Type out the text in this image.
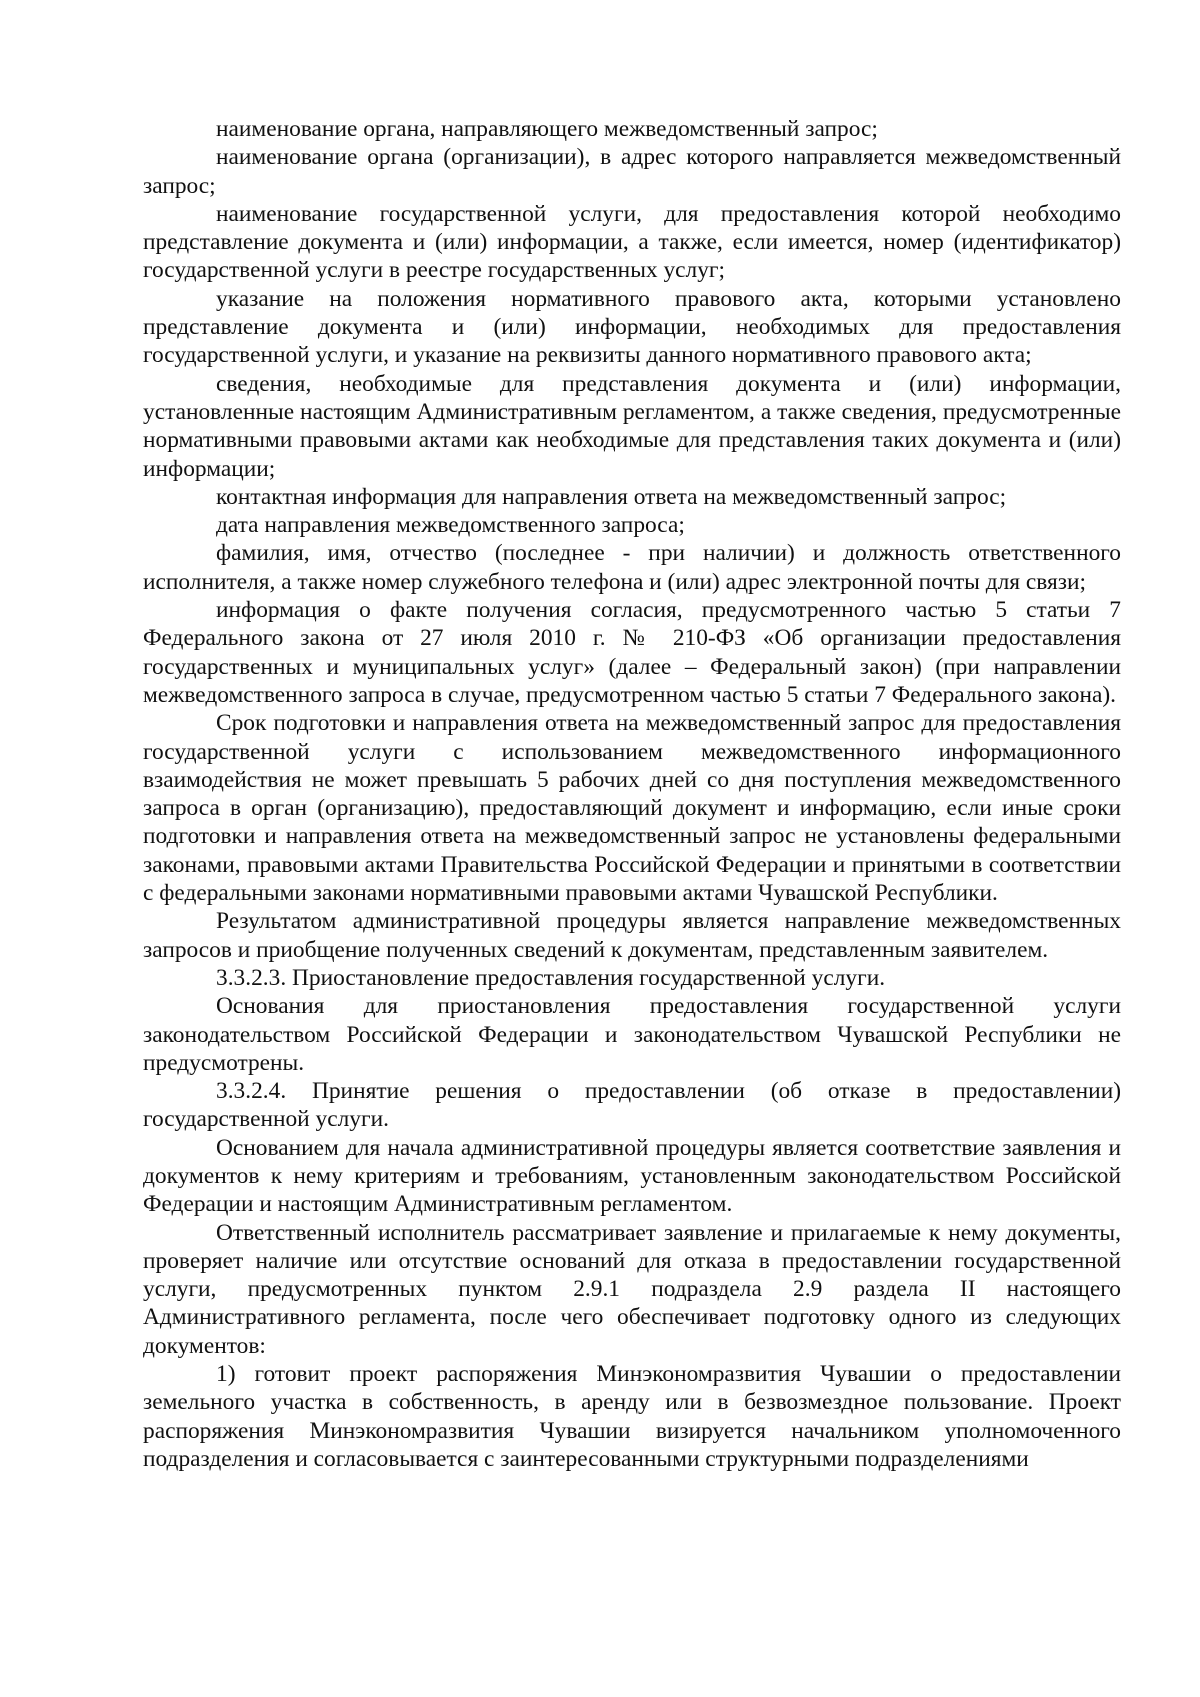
наименование органа, направляющего межведомственный запрос;

наименование органа (организации), в адрес которого направляется межведомственный запрос;

наименование государственной услуги, для предоставления которой необходимо представление документа и (или) информации, а также, если имеется, номер (идентификатор) государственной услуги в реестре государственных услуг;

указание на положения нормативного правового акта, которыми установлено представление документа и (или) информации, необходимых для предоставления государственной услуги, и указание на реквизиты данного нормативного правового акта;

сведения, необходимые для представления документа и (или) информации, установленные настоящим Административным регламентом, а также сведения, предусмотренные нормативными правовыми актами как необходимые для представления таких документа и (или) информации;

контактная информация для направления ответа на межведомственный запрос;

дата направления межведомственного запроса;

фамилия, имя, отчество (последнее - при наличии) и должность ответственного исполнителя, а также номер служебного телефона и (или) адрес электронной почты для связи;

информация о факте получения согласия, предусмотренного частью 5 статьи 7 Федерального закона от 27 июля 2010 г. № 210-ФЗ «Об организации предоставления государственных и муниципальных услуг» (далее – Федеральный закон) (при направлении межведомственного запроса в случае, предусмотренном частью 5 статьи 7 Федерального закона).

Срок подготовки и направления ответа на межведомственный запрос для предоставления государственной услуги с использованием межведомственного информационного взаимодействия не может превышать 5 рабочих дней со дня поступления межведомственного запроса в орган (организацию), предоставляющий документ и информацию, если иные сроки подготовки и направления ответа на межведомственный запрос не установлены федеральными законами, правовыми актами Правительства Российской Федерации и принятыми в соответствии с федеральными законами нормативными правовыми актами Чувашской Республики.

Результатом административной процедуры является направление межведомственных запросов и приобщение полученных сведений к документам, представленным заявителем.

3.3.2.3. Приостановление предоставления государственной услуги.

Основания для приостановления предоставления государственной услуги законодательством Российской Федерации и законодательством Чувашской Республики не предусмотрены.

3.3.2.4. Принятие решения о предоставлении (об отказе в предоставлении) государственной услуги.

Основанием для начала административной процедуры является соответствие заявления и документов к нему критериям и требованиям, установленным законодательством Российской Федерации и настоящим Административным регламентом.

Ответственный исполнитель рассматривает заявление и прилагаемые к нему документы, проверяет наличие или отсутствие оснований для отказа в предоставлении государственной услуги, предусмотренных пунктом 2.9.1 подраздела 2.9 раздела II настоящего Административного регламента, после чего обеспечивает подготовку одного из следующих документов:

1) готовит проект распоряжения Минэкономразвития Чувашии о предоставлении земельного участка в собственность, в аренду или в безвозмездное пользование. Проект распоряжения Минэкономразвития Чувашии визируется начальником уполномоченного подразделения и согласовывается с заинтересованными структурными подразделениями
